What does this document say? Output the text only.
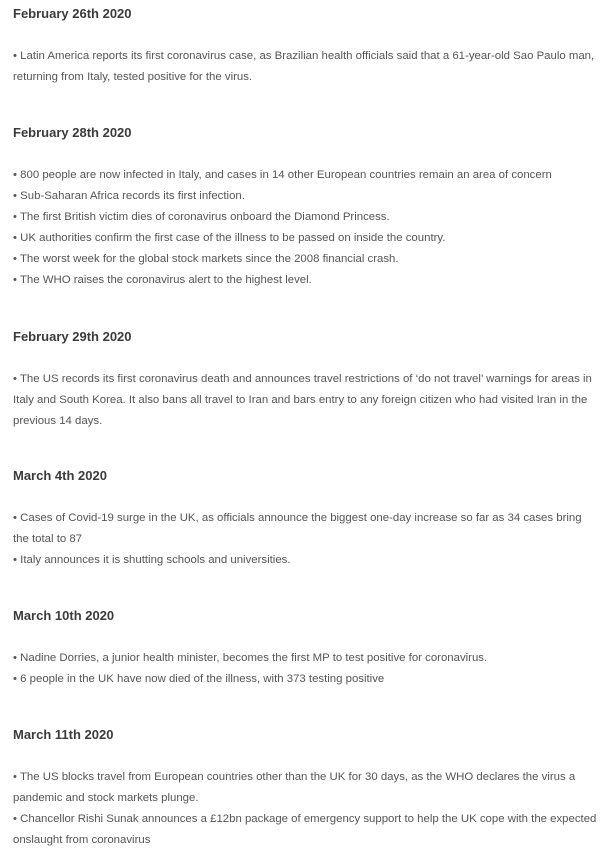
February 26th 2020

• Latin America reports its first coronavirus case, as Brazilian health officials said that a 61-year-old Sao Paulo man, returning from Italy, tested positive for the virus.

February 28th 2020

• 800 people are now infected in Italy, and cases in 14 other European countries remain an area of concern

• Sub-Saharan Africa records its first infection.

• The first British victim dies of coronavirus onboard the Diamond Princess.

• UK authorities confirm the first case of the illness to be passed on inside the country.

• The worst week for the global stock markets since the 2008 financial crash.

• The WHO raises the coronavirus alert to the highest level.

February 29th 2020

• The US records its first coronavirus death and announces travel restrictions of ‘do not travel’ warnings for areas in Italy and South Korea. It also bans all travel to Iran and bars entry to any foreign citizen who had visited Iran in the previous 14 days.

March 4th 2020

• Cases of Covid-19 surge in the UK, as officials announce the biggest one-day increase so far as 34 cases bring the total to 87

• Italy announces it is shutting schools and universities.

March 10th 2020

• Nadine Dorries, a junior health minister, becomes the first MP to test positive for coronavirus.

• 6 people in the UK have now died of the illness, with 373 testing positive

March 11th 2020

• The US blocks travel from European countries other than the UK for 30 days, as the WHO declares the virus a pandemic and stock markets plunge.

• Chancellor Rishi Sunak announces a £12bn package of emergency support to help the UK cope with the expected onslaught from coronavirus
